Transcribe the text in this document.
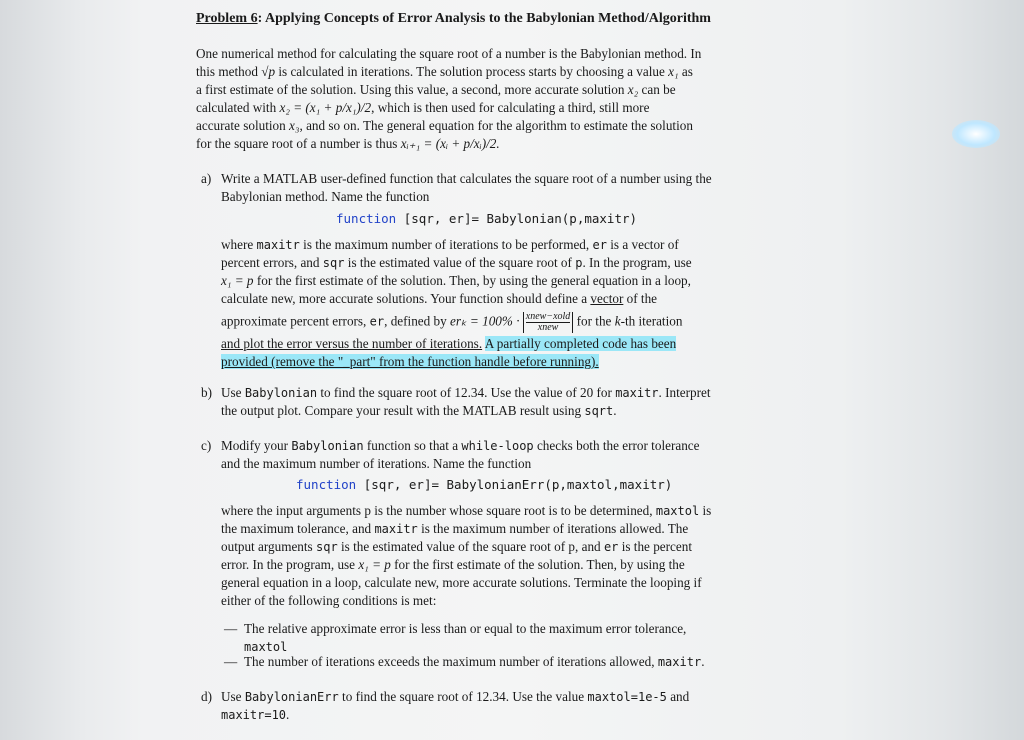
Problem 6: Applying Concepts of Error Analysis to the Babylonian Method/Algorithm
One numerical method for calculating the square root of a number is the Babylonian method. In
this method √p is calculated in iterations. The solution process starts by choosing a value x₁ as
a first estimate of the solution. Using this value, a second, more accurate solution x₂ can be
calculated with x₂ = (x₁ + p/x₁)/2, which is then used for calculating a third, still more
accurate solution x₃, and so on. The general equation for the algorithm to estimate the solution
for the square root of a number is thus xᵢ₊₁ = (xᵢ + p/xᵢ)/2.
a) Write a MATLAB user-defined function that calculates the square root of a number using the
Babylonian method. Name the function
function [sqr, er]= Babylonian(p,maxitr)
where maxitr is the maximum number of iterations to be performed, er is a vector of
percent errors, and sqr is the estimated value of the square root of p. In the program, use
x₁ = p for the first estimate of the solution. Then, by using the general equation in a loop,
calculate new, more accurate solutions. Your function should define a vector of the
approximate percent errors, er, defined by $er_k = 100\% \cdot \frac{\text{xnew−xold}}{\text{xnew}}$ for the k-th iteration
and plot the error versus the number of iterations. A partially completed code has been
provided (remove the "_part" from the function handle before running).
b) Use Babylonian to find the square root of 12.34. Use the value of 20 for maxitr. Interpret
the output plot. Compare your result with the MATLAB result using sqrt.
c) Modify your Babylonian function so that a while-loop checks both the error tolerance
and the maximum number of iterations. Name the function
function [sqr, er]= BabylonianErr(p,maxtol,maxitr)
where the input arguments p is the number whose square root is to be determined, maxtol is
the maximum tolerance, and maxitr is the maximum number of iterations allowed. The
output arguments sqr is the estimated value of the square root of p, and er is the percent
error. In the program, use x₁ = p for the first estimate of the solution. Then, by using the
general equation in a loop, calculate new, more accurate solutions. Terminate the looping if
either of the following conditions is met:
— The relative approximate error is less than or equal to the maximum error tolerance,
maxtol
— The number of iterations exceeds the maximum number of iterations allowed, maxitr.
d) Use BabylonianErr to find the square root of 12.34. Use the value maxtol=1e-5 and
maxitr=10.
